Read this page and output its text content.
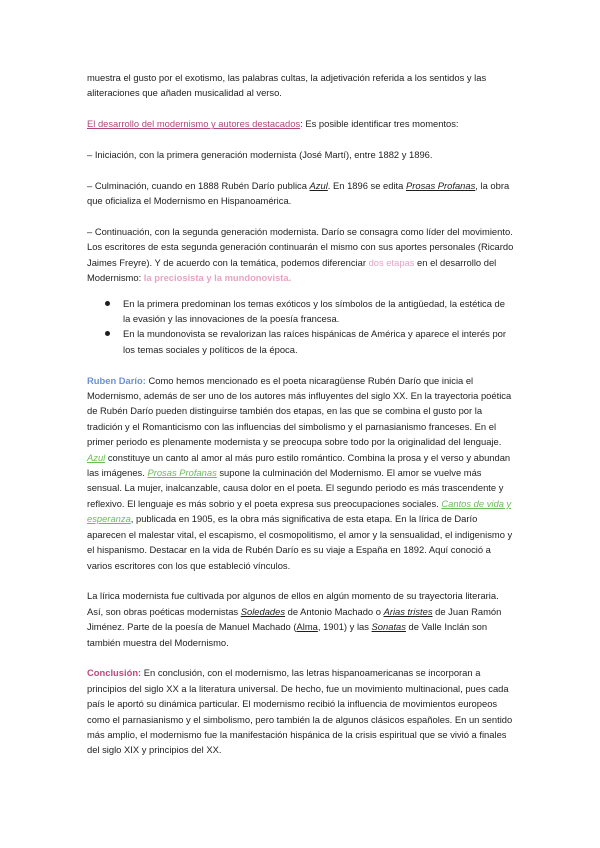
muestra el gusto por el exotismo, las palabras cultas, la adjetivación referida a los sentidos y las aliteraciones que añaden musicalidad al verso.

El desarrollo del modernismo y autores destacados: Es posible identificar tres momentos:

– Iniciación, con la primera generación modernista (José Martí), entre 1882 y 1896.

– Culminación, cuando en 1888 Rubén Darío publica Azul. En 1896 se edita Prosas Profanas, la obra que oficializa el Modernismo en Hispanoamérica.

– Continuación, con la segunda generación modernista. Darío se consagra como líder del movimiento. Los escritores de esta segunda generación continuarán el mismo con sus aportes personales (Ricardo Jaimes Freyre). Y de acuerdo con la temática, podemos diferenciar dos etapas en el desarrollo del Modernismo: la preciosista y la mundonovista.

En la primera predominan los temas exóticos y los símbolos de la antigüedad, la estética de la evasión y las innovaciones de la poesía francesa.
En la mundonovista se revalorizan las raíces hispánicas de América y aparece el interés por los temas sociales y políticos de la época.

Ruben Darío: Como hemos mencionado es el poeta nicaragüense Rubén Darío que inicia el Modernismo, además de ser uno de los autores más influyentes del siglo XX. En la trayectoria poética de Rubén Darío pueden distinguirse también dos etapas, en las que se combina el gusto por la tradición y el Romanticismo con las influencias del simbolismo y el parnasianismo franceses. En el primer periodo es plenamente modernista y se preocupa sobre todo por la originalidad del lenguaje. Azul constituye un canto al amor al más puro estilo romántico. Combina la prosa y el verso y abundan las imágenes. Prosas Profanas supone la culminación del Modernismo. El amor se vuelve más sensual. La mujer, inalcanzable, causa dolor en el poeta. El segundo periodo es más trascendente y reflexivo. El lenguaje es más sobrio y el poeta expresa sus preocupaciones sociales. Cantos de vida y esperanza, publicada en 1905, es la obra más significativa de esta etapa. En la lírica de Darío aparecen el malestar vital, el escapismo, el cosmopolitismo, el amor y la sensualidad, el indigenismo y el hispanismo. Destacar en la vida de Rubén Darío es su viaje a España en 1892. Aquí conoció a varios escritores con los que estableció vínculos.

La lírica modernista fue cultivada por algunos de ellos en algún momento de su trayectoria literaria. Así, son obras poéticas modernistas Soledades de Antonio Machado o Arias tristes de Juan Ramón Jiménez. Parte de la poesía de Manuel Machado (Alma, 1901) y las Sonatas de Valle Inclán son también muestra del Modernismo.

Conclusión: En conclusión, con el modernismo, las letras hispanoamericanas se incorporan a principios del siglo XX a la literatura universal. De hecho, fue un movimiento multinacional, pues cada país le aportó su dinámica particular. El modernismo recibió la influencia de movimientos europeos como el parnasianismo y el simbolismo, pero también la de algunos clásicos españoles. En un sentido más amplio, el modernismo fue la manifestación hispánica de la crisis espiritual que se vivió a finales del siglo XIX y principios del XX.
